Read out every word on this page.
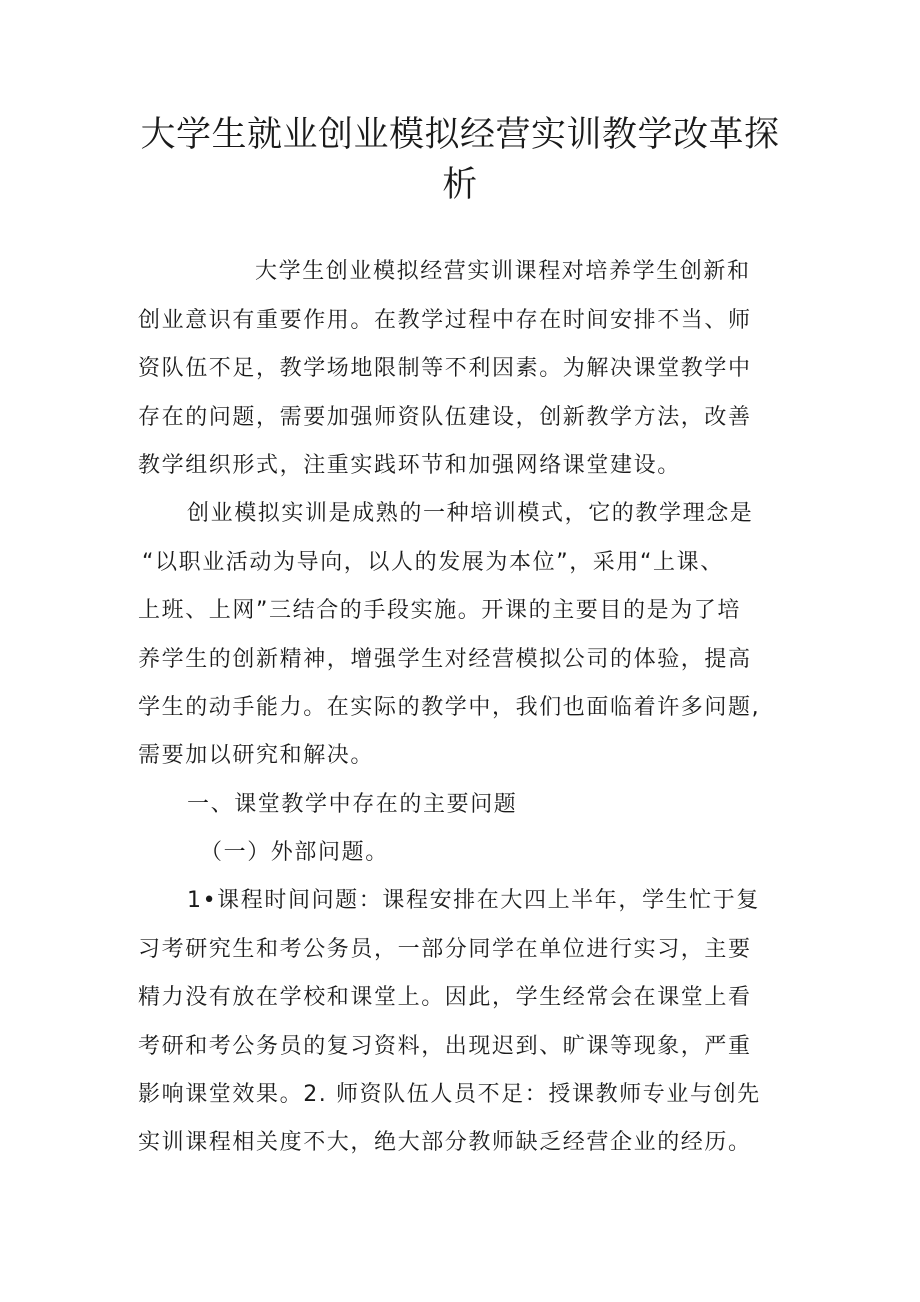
大学生就业创业模拟经营实训教学改革探
析
大学生创业模拟经营实训课程对培养学生创新和
创业意识有重要作用。在教学过程中存在时间安排不当、师
资队伍不足，教学场地限制等不利因素。为解决课堂教学中
存在的问题，需要加强师资队伍建设，创新教学方法，改善
教学组织形式，注重实践环节和加强网络课堂建设。
创业模拟实训是成熟的一种培训模式，它的教学理念是
“以职业活动为导向，以人的发展为本位”，采用“上课、
上班、上网”三结合的手段实施。开课的主要目的是为了培
养学生的创新精神，增强学生对经营模拟公司的体验，提高
学生的动手能力。在实际的教学中，我们也面临着许多问题,
需要加以研究和解决。
一、课堂教学中存在的主要问题
（一）外部问题。
1•课程时间问题：课程安排在大四上半年，学生忙于复
习考研究生和考公务员，一部分同学在单位进行实习，主要
精力没有放在学校和课堂上。因此，学生经常会在课堂上看
考研和考公务员的复习资料，出现迟到、旷课等现象，严重
影响课堂效果。2. 师资队伍人员不足：授课教师专业与创先
实训课程相关度不大，绝大部分教师缺乏经营企业的经历。
